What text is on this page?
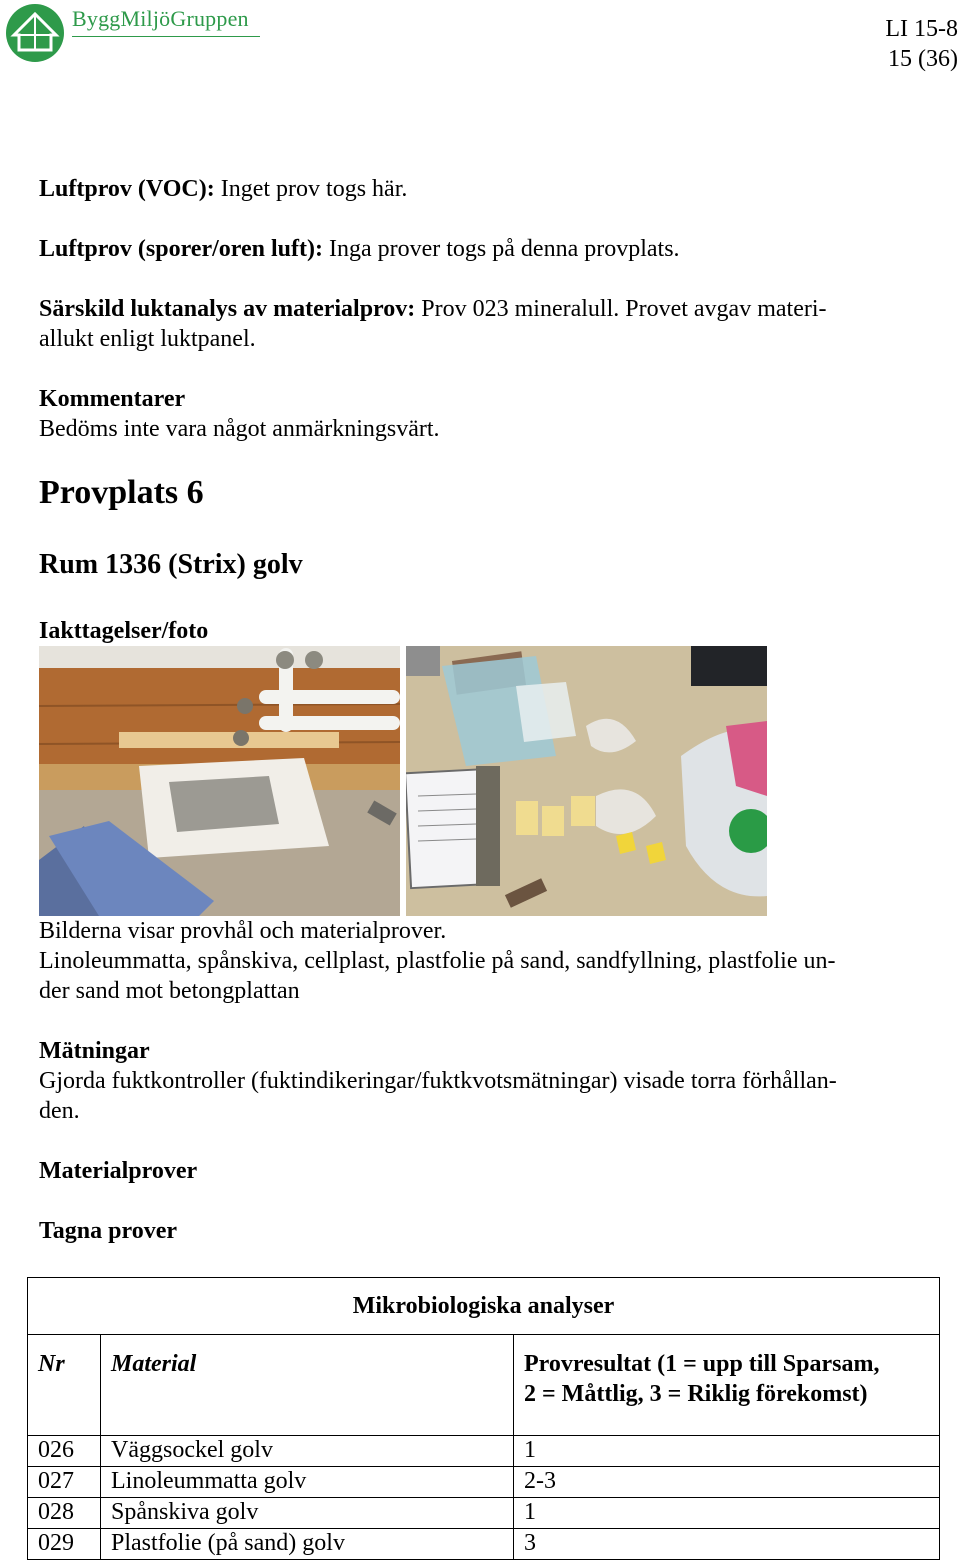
ByggMiljöGruppen	LI 15-8
15 (36)
Luftprov (VOC): Inget prov togs här.
Luftprov (sporer/oren luft): Inga prover togs på denna provplats.
Särskild luktanalys av materialprov: Prov 023 mineralull. Provet avgav materi-
allukt enligt luktpanel.
Kommentarer
Bedöms inte vara något anmärkningsvärt.
Provplats 6
Rum 1336 (Strix) golv
Iakttagelser/foto
Bilderna visar provhål och materialprover.
Linoleummatta, spånskiva, cellplast, plastfolie på sand, sandfyllning, plastfolie un-
der sand mot betongplattan
Mätningar
Gjorda fuktkontroller (fuktindikeringar/fuktkvotsmätningar) visade torra förhållan-
den.
Materialprover
Tagna prover
Mikrobiologiska analyser		
Nr	Material	Provresultat (1 = upp till Sparsam,
2 = Måttlig, 3 = Riklig förekomst)

026	Väggsockel golv	1
027	Linoleummatta golv	2-3
028	Spånskiva golv	1
029	Plastfolie (på sand) golv	3
